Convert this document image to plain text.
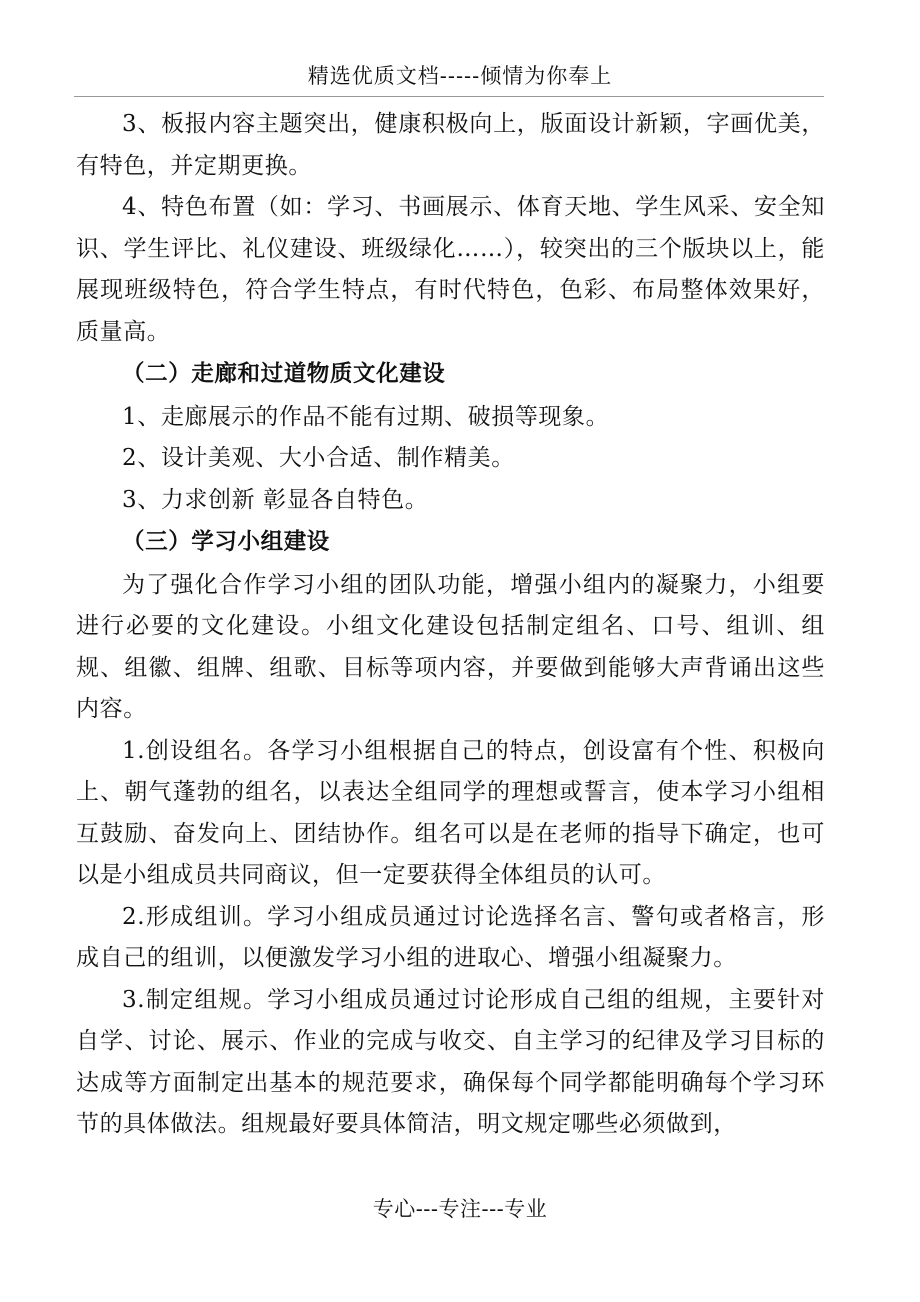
精选优质文档-----倾情为你奉上

3、板报内容主题突出，健康积极向上，版面设计新颖，字画优美，有特色，并定期更换。

4、特色布置（如：学习、书画展示、体育天地、学生风采、安全知识、学生评比、礼仪建设、班级绿化……），较突出的三个版块以上，能展现班级特色，符合学生特点，有时代特色，色彩、布局整体效果好，质量高。

（二）走廊和过道物质文化建设

1、走廊展示的作品不能有过期、破损等现象。

2、设计美观、大小合适、制作精美。

3、力求创新 彰显各自特色。

（三）学习小组建设

为了强化合作学习小组的团队功能，增强小组内的凝聚力，小组要进行必要的文化建设。小组文化建设包括制定组名、口号、组训、组规、组徽、组牌、组歌、目标等项内容，并要做到能够大声背诵出这些内容。

1.创设组名。各学习小组根据自己的特点，创设富有个性、积极向上、朝气蓬勃的组名，以表达全组同学的理想或誓言，使本学习小组相互鼓励、奋发向上、团结协作。组名可以是在老师的指导下确定，也可以是小组成员共同商议，但一定要获得全体组员的认可。

2.形成组训。学习小组成员通过讨论选择名言、警句或者格言，形成自己的组训，以便激发学习小组的进取心、增强小组凝聚力。

3.制定组规。学习小组成员通过讨论形成自己组的组规，主要针对自学、讨论、展示、作业的完成与收交、自主学习的纪律及学习目标的达成等方面制定出基本的规范要求，确保每个同学都能明确每个学习环节的具体做法。组规最好要具体简洁，明文规定哪些必须做到，

专心---专注---专业
